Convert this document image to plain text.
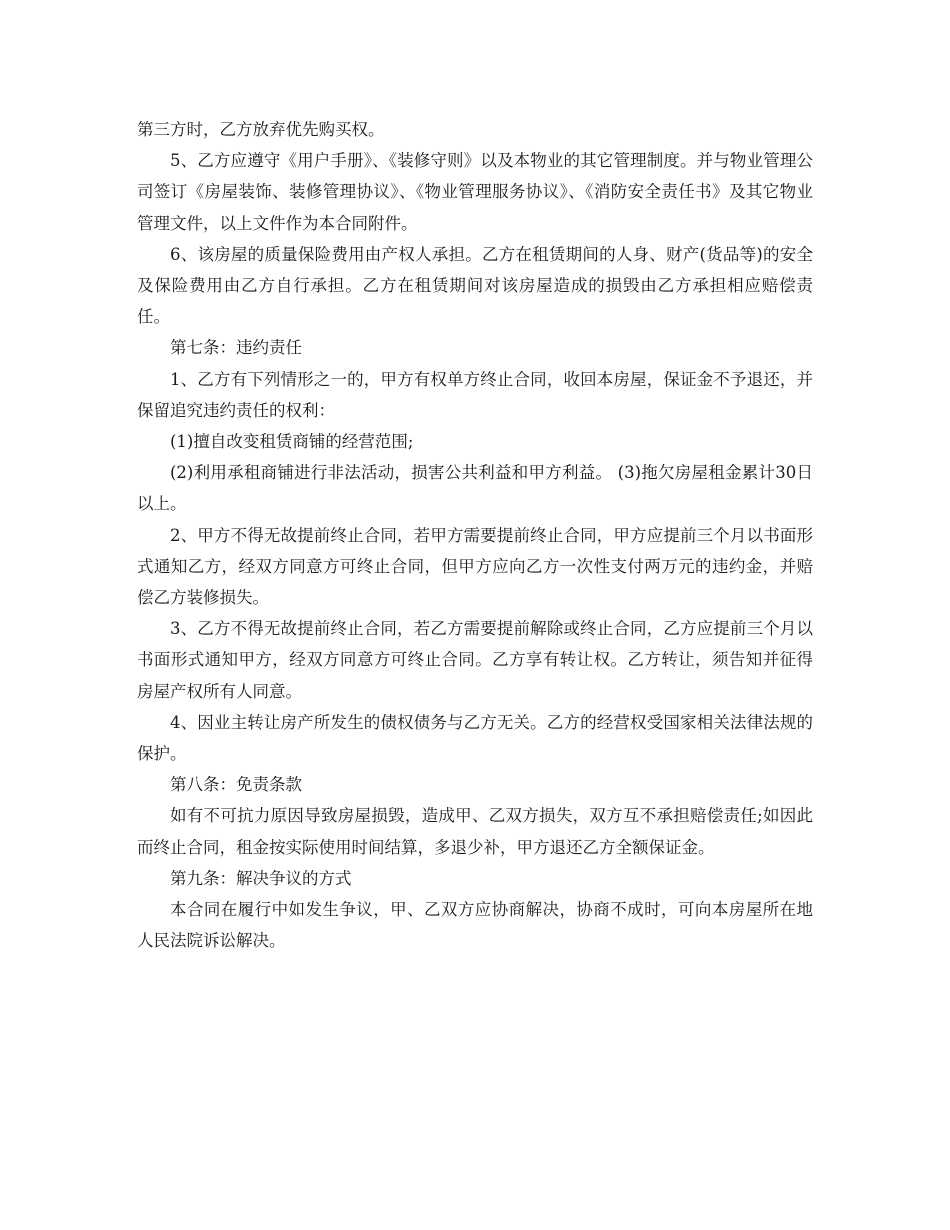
第三方时，乙方放弃优先购买权。

5、乙方应遵守《用户手册》、《装修守则》以及本物业的其它管理制度。并与物业管理公司签订《房屋装饰、装修管理协议》、《物业管理服务协议》、《消防安全责任书》及其它物业管理文件，以上文件作为本合同附件。

6、该房屋的质量保险费用由产权人承担。乙方在租赁期间的人身、财产(货品等)的安全及保险费用由乙方自行承担。乙方在租赁期间对该房屋造成的损毁由乙方承担相应赔偿责任。

第七条：违约责任

1、乙方有下列情形之一的，甲方有权单方终止合同，收回本房屋，保证金不予退还，并保留追究违约责任的权利：

(1)擅自改变租赁商铺的经营范围;

(2)利用承租商铺进行非法活动，损害公共利益和甲方利益。 (3)拖欠房屋租金累计30日以上。

2、甲方不得无故提前终止合同，若甲方需要提前终止合同，甲方应提前三个月以书面形式通知乙方，经双方同意方可终止合同，但甲方应向乙方一次性支付两万元的违约金，并赔偿乙方装修损失。

3、乙方不得无故提前终止合同，若乙方需要提前解除或终止合同，乙方应提前三个月以书面形式通知甲方，经双方同意方可终止合同。乙方享有转让权。乙方转让，须告知并征得房屋产权所有人同意。

4、因业主转让房产所发生的债权债务与乙方无关。乙方的经营权受国家相关法律法规的保护。

第八条：免责条款

如有不可抗力原因导致房屋损毁，造成甲、乙双方损失，双方互不承担赔偿责任;如因此而终止合同，租金按实际使用时间结算，多退少补，甲方退还乙方全额保证金。

第九条：解决争议的方式

本合同在履行中如发生争议，甲、乙双方应协商解决，协商不成时，可向本房屋所在地人民法院诉讼解决。
